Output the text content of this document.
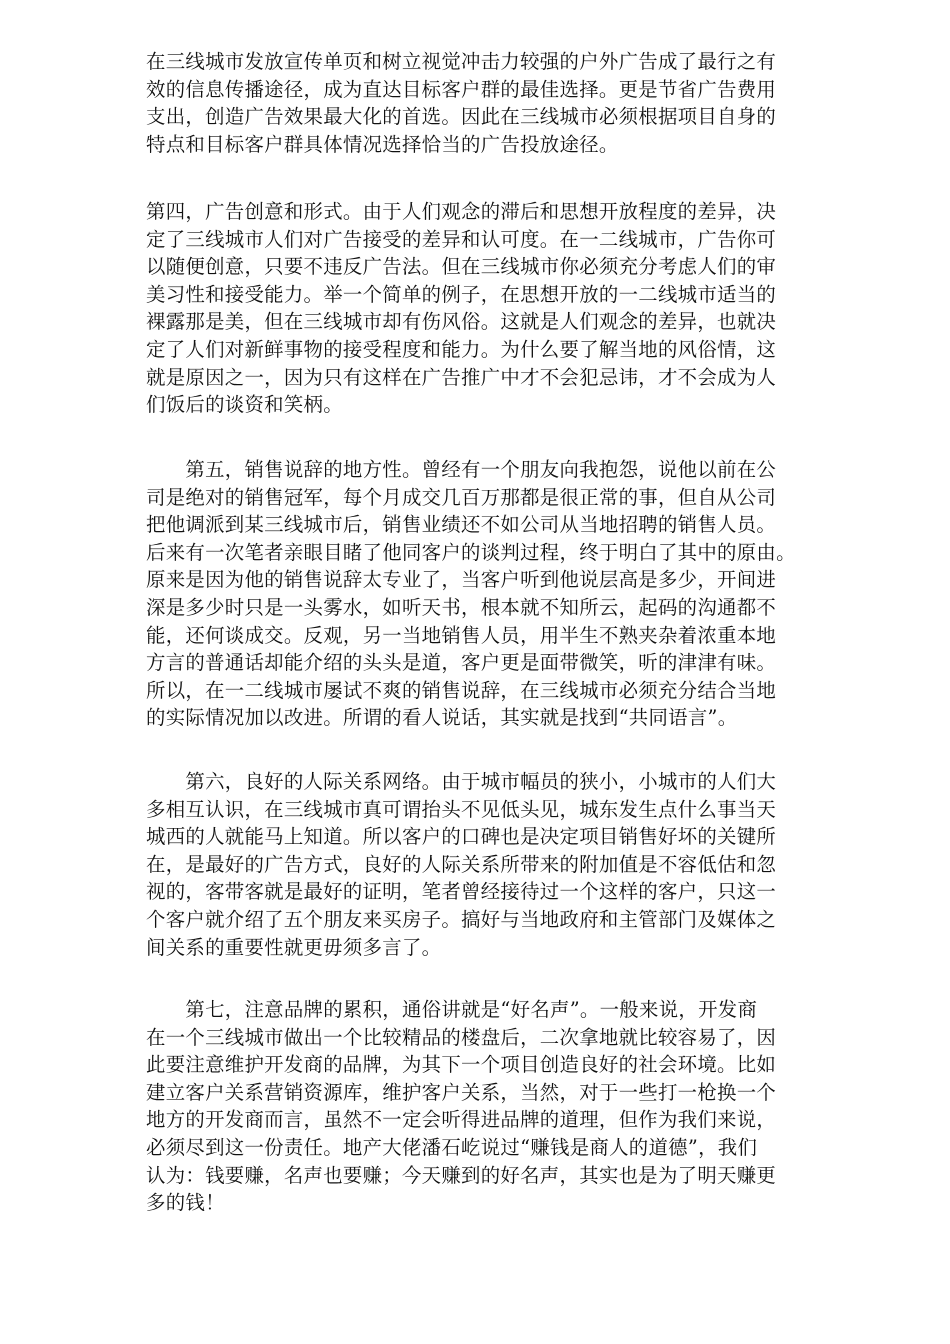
在三线城市发放宣传单页和树立视觉冲击力较强的户外广告成了最行之有
效的信息传播途径，成为直达目标客户群的最佳选择。更是节省广告费用
支出，创造广告效果最大化的首选。因此在三线城市必须根据项目自身的
特点和目标客户群具体情况选择恰当的广告投放途径。

第四，广告创意和形式。由于人们观念的滞后和思想开放程度的差异，决
定了三线城市人们对广告接受的差异和认可度。在一二线城市，广告你可
以随便创意，只要不违反广告法。但在三线城市你必须充分考虑人们的审
美习性和接受能力。举一个简单的例子，在思想开放的一二线城市适当的
裸露那是美，但在三线城市却有伤风俗。这就是人们观念的差异，也就决
定了人们对新鲜事物的接受程度和能力。为什么要了解当地的风俗情，这
就是原因之一，因为只有这样在广告推广中才不会犯忌讳，才不会成为人
们饭后的谈资和笑柄。

　　第五，销售说辞的地方性。曾经有一个朋友向我抱怨，说他以前在公
司是绝对的销售冠军，每个月成交几百万那都是很正常的事，但自从公司
把他调派到某三线城市后，销售业绩还不如公司从当地招聘的销售人员。
后来有一次笔者亲眼目睹了他同客户的谈判过程，终于明白了其中的原由。
原来是因为他的销售说辞太专业了，当客户听到他说层高是多少，开间进
深是多少时只是一头雾水，如听天书，根本就不知所云，起码的沟通都不
能，还何谈成交。反观，另一当地销售人员，用半生不熟夹杂着浓重本地
方言的普通话却能介绍的头头是道，客户更是面带微笑，听的津津有味。
所以，在一二线城市屡试不爽的销售说辞，在三线城市必须充分结合当地
的实际情况加以改进。所谓的看人说话，其实就是找到“共同语言”。

　　第六，良好的人际关系网络。由于城市幅员的狭小，小城市的人们大
多相互认识，在三线城市真可谓抬头不见低头见，城东发生点什么事当天
城西的人就能马上知道。所以客户的口碑也是决定项目销售好坏的关键所
在，是最好的广告方式，良好的人际关系所带来的附加值是不容低估和忽
视的，客带客就是最好的证明，笔者曾经接待过一个这样的客户，只这一
个客户就介绍了五个朋友来买房子。搞好与当地政府和主管部门及媒体之
间关系的重要性就更毋须多言了。

　　第七，注意品牌的累积，通俗讲就是“好名声”。一般来说，开发商
在一个三线城市做出一个比较精品的楼盘后，二次拿地就比较容易了，因
此要注意维护开发商的品牌，为其下一个项目创造良好的社会环境。比如
建立客户关系营销资源库，维护客户关系，当然，对于一些打一枪换一个
地方的开发商而言，虽然不一定会听得进品牌的道理，但作为我们来说，
必须尽到这一份责任。地产大佬潘石屹说过“赚钱是商人的道德”，我们
认为：钱要赚，名声也要赚；今天赚到的好名声，其实也是为了明天赚更
多的钱！
